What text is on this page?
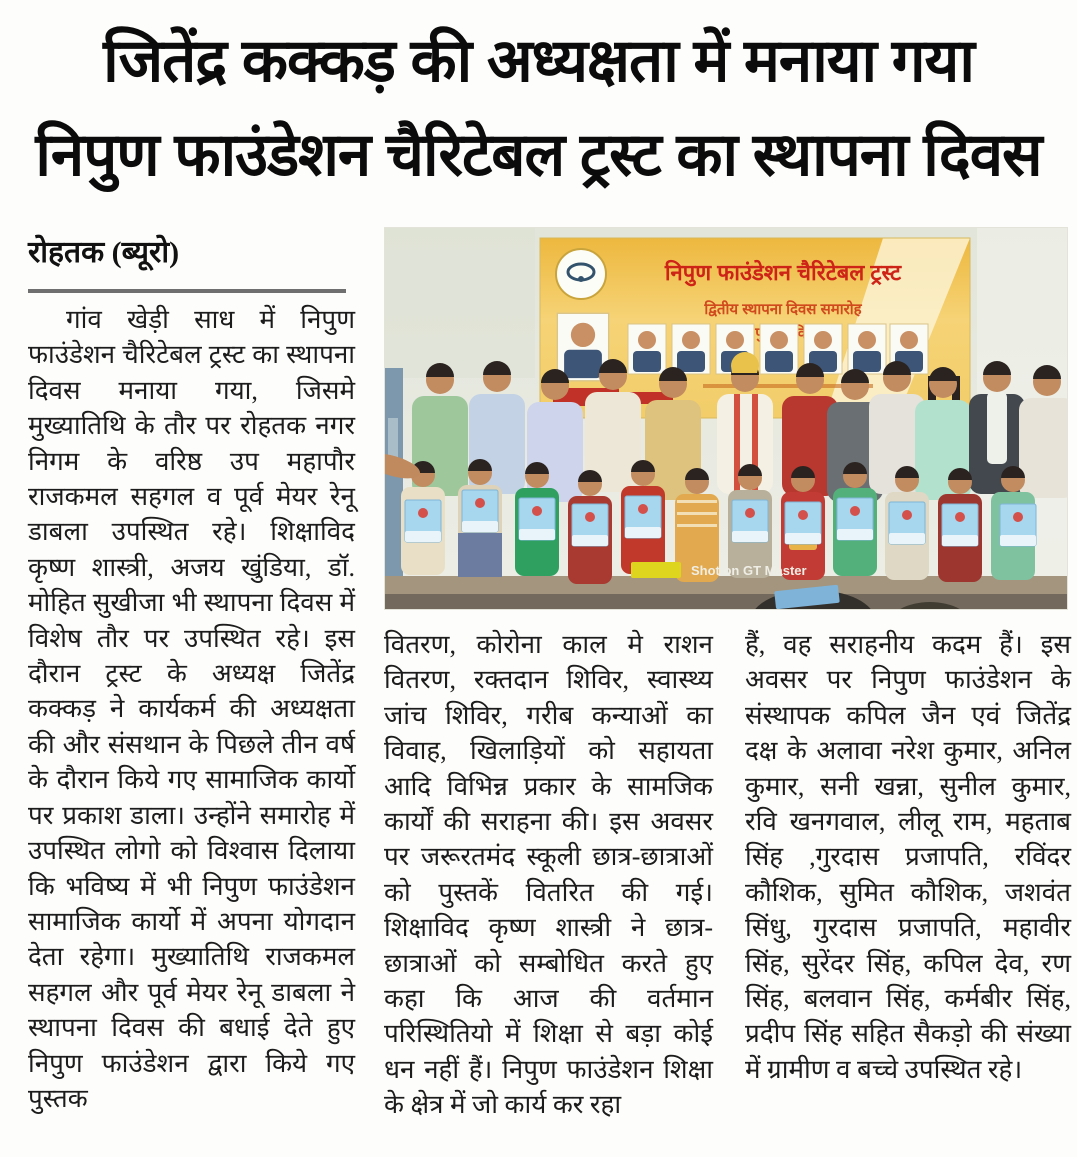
जितेंद्र कक्कड़ की अध्यक्षता में मनाया गया
निपुण फाउंडेशन चैरिटेबल ट्रस्ट का स्थापना दिवस
रोहतक (ब्यूरो)
निपुण फाउंडेशन चैरिटेबल ट्रस्ट
द्वितीय स्थापना दिवस समारोह
Shot on GT Master
गांव खेड़ी साध में निपुण फाउंडेशन चैरिटेबल ट्रस्ट का स्थापना दिवस मनाया गया, जिसमे मुख्यातिथि के तौर पर रोहतक नगर निगम के वरिष्ठ उप महापौर राजकमल सहगल व पूर्व मेयर रेनू डाबला उपस्थित रहे। शिक्षाविद कृष्ण शास्त्री, अजय खुंडिया, डॉ. मोहित सुखीजा भी स्थापना दिवस में विशेष तौर पर उपस्थित रहे। इस दौरान ट्रस्ट के अध्यक्ष जितेंद्र कक्कड़ ने कार्यकर्म की अध्यक्षता की और संसथान के पिछले तीन वर्ष के दौरान किये गए सामाजिक कार्यो पर प्रकाश डाला। उन्होंने समारोह में उपस्थित लोगो को विश्वास दिलाया कि भविष्य में भी निपुण फाउंडेशन सामाजिक कार्यो में अपना योगदान देता रहेगा। मुख्यातिथि राजकमल सहगल और पूर्व मेयर रेनू डाबला ने स्थापना दिवस की बधाई देते हुए निपुण फाउंडेशन द्वारा किये गए पुस्तक
वितरण, कोरोना काल मे राशन वितरण, रक्तदान शिविर, स्वास्थ्य जांच शिविर, गरीब कन्याओं का विवाह, खिलाड़ियों को सहायता आदि विभिन्न प्रकार के सामजिक कार्यों की सराहना की। इस अवसर पर जरूरतमंद स्कूली छात्र-छात्राओं को पुस्तकें वितरित की गई। शिक्षाविद कृष्ण शास्त्री ने छात्र-छात्राओं को सम्बोधित करते हुए कहा कि आज की वर्तमान परिस्थितियो में शिक्षा से बड़ा कोई धन नहीं हैं। निपुण फाउंडेशन शिक्षा के क्षेत्र में जो कार्य कर रहा
हैं, वह सराहनीय कदम हैं। इस अवसर पर निपुण फाउंडेशन के संस्थापक कपिल जैन एवं जितेंद्र दक्ष के अलावा नरेश कुमार, अनिल कुमार, सनी खन्ना, सुनील कुमार, रवि खनगवाल, लीलू राम, महताब सिंह ,गुरदास प्रजापति, रविंदर कौशिक, सुमित कौशिक, जशवंत सिंधु, गुरदास प्रजापति, महावीर सिंह, सुरेंदर सिंह, कपिल देव, रण सिंह, बलवान सिंह, कर्मबीर सिंह, प्रदीप सिंह सहित सैकड़ो की संख्या में ग्रामीण व बच्चे उपस्थित रहे।
